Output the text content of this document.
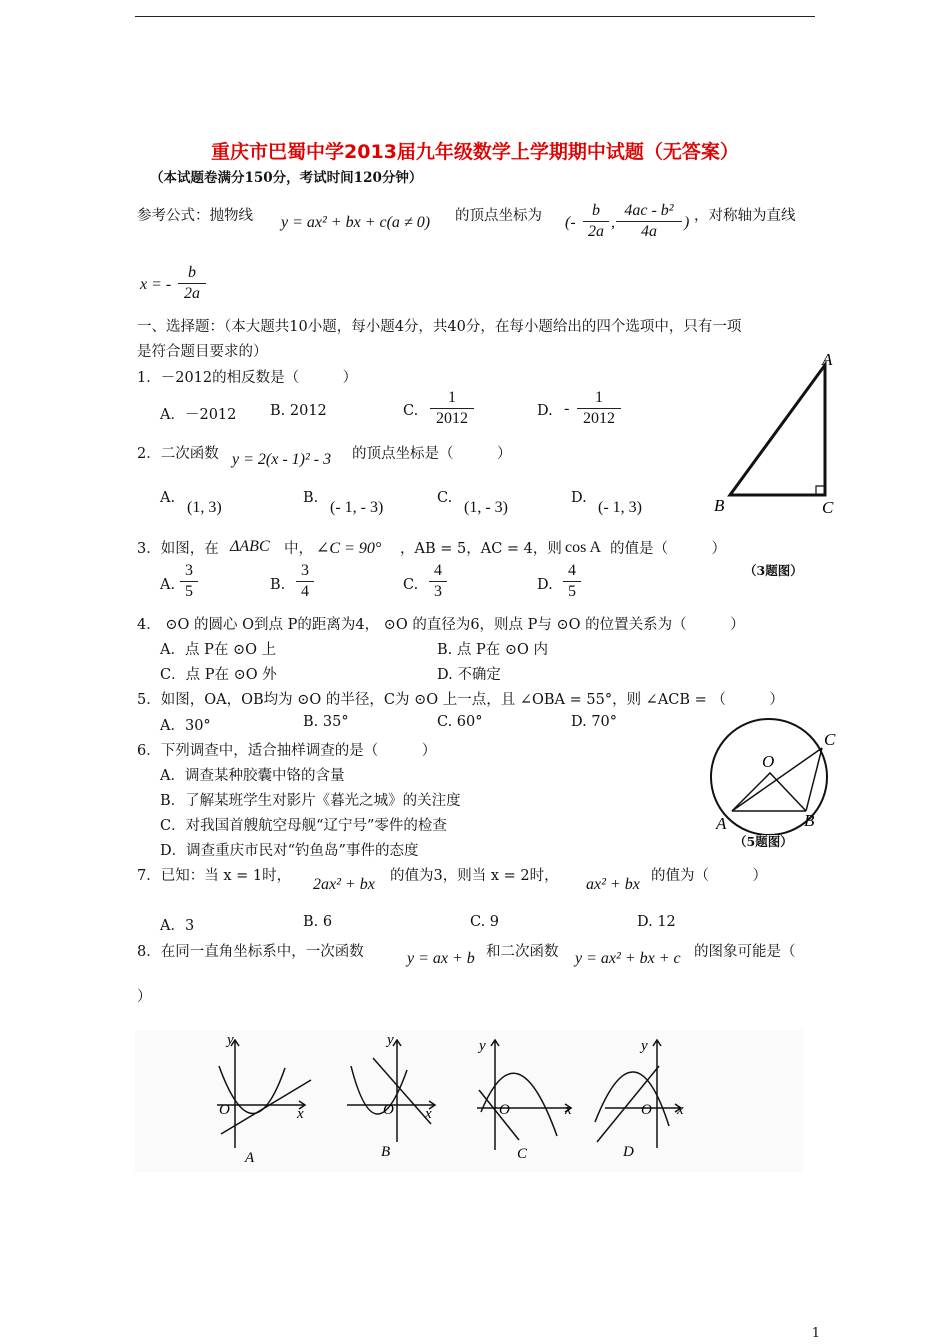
重庆市巴蜀中学2013届九年级数学上学期期中试题（无答案）
（本试题卷满分150分，考试时间120分钟）
参考公式：抛物线 y = ax² + bx + c(a ≠ 0) 的顶点坐标为 (- $\frac{b}{2a}$ , $\frac{\text{4ac - b²}}{4a}$ ) ，对称轴为直线
x = - $\frac{b}{2a}$
一、选择题：（本大题共10小题，每小题4分，共40分，在每小题给出的四个选项中，只有一项
是符合题目要求的）
1．－2012的相反数是（　　　）
A．－2012 B. 2012	C. $\frac{1}{2012}$	D. - $\frac{1}{2012}$
2．二次函数 y = 2(x - 1)² - 3 的顶点坐标是（　　　）
A.
(1, 3)
B.
(- 1, - 3)
C.
(1, - 3)
D.
(- 1, 3)
3．如图，在 ΔABC 中， ∠C = 90° ，AB = 5，AC = 4，则 cos A 的值是（　　　）
A. $\frac{3}{5}$	B. $\frac{3}{4}$	C. $\frac{4}{3}$	D. $\frac{4}{5}$
A
B	C
（3题图）
4． ⊙O 的圆心 O到点 P的距离为4， ⊙O 的直径为6，则点 P与 ⊙O 的位置关系为（　　　）
A．点 P在 ⊙O 上	B. 点 P在 ⊙O 内
C．点 P在 ⊙O 外	D. 不确定
5．如图，OA，OB均为 ⊙O 的半径，C为 ⊙O 上一点，且 ∠OBA = 55°，则 ∠ACB = （　　　）
A．30°	B. 35°	C. 60°	D. 70°
O
A	B
C
（5题图）
6．下列调查中，适合抽样调查的是（　　　）
A．调查某种胶囊中铬的含量
B．了解某班学生对影片《暮光之城》的关注度
C．对我国首艘航空母舰“辽宁号”零件的检查
D．调查重庆市民对“钓鱼岛”事件的态度
7．已知：当 x = 1时， 2ax² + bx 的值为3，则当 x = 2时， ax² + bx 的值为（　　　）
A．3	B. 6	C. 9	D. 12
8．在同一直角坐标系中，一次函数	y = ax + b 和二次函数 y = ax² + bx + c 的图象可能是（
）
y
x
O
A
y
x
O
B
y
x
O
C
y
x
O
D
1
